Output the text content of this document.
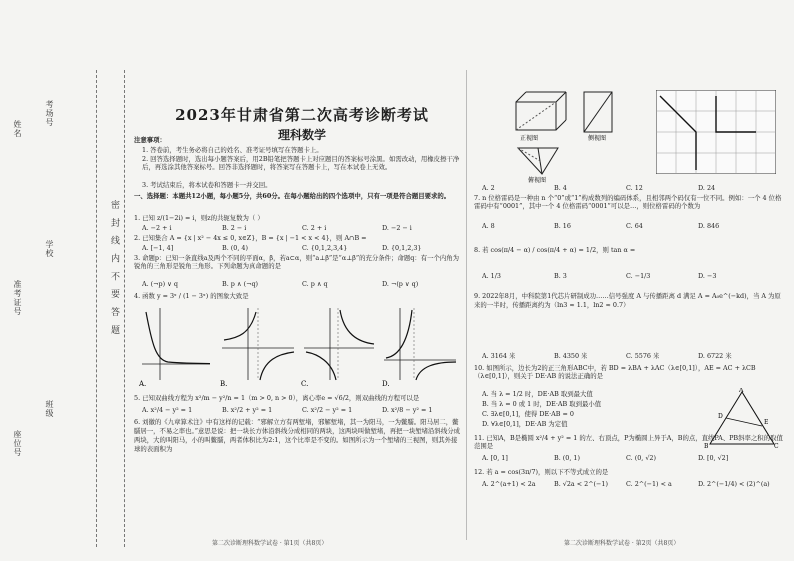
姓名
准考证号
座位号
考场号
学校
班级
密 封 线 内 不 要 答 题
2023年甘肃省第二次高考诊断考试
理科数学
注意事项：
1. 答卷前，考生务必将自己的姓名、准考证号填写在答题卡上。
2. 回答选择题时，选出每小题答案后，用2B铅笔把答题卡上对应题目的答案标号涂黑。如需改动，用橡皮擦干净后，再选涂其他答案标号。回答非选择题时，将答案写在答题卡上，写在本试卷上无效。
3. 考试结束后，将本试卷和答题卡一并交回。
一、选择题：本题共12小题，每小题5分，共60分。在每小题给出的四个选项中，只有一项是符合题目要求的。
1. 已知 z/(1−2i) = i，则z的共轭复数为（ ）
A. −2 + i	B. 2 − i	C. 2 + i	D. −2 − i
2. 已知集合 A = {x | x² − 4x ≤ 0, x∈Z}，B = {x | −1 < x < 4}，则 A∩B =
A. [−1, 4]	B. (0, 4)	C. {0,1,2,3,4}	D. {0,1,2,3}
3. 命题p：已知一条直线a及两个不同的平面α，β，若a⊂α，则“a⊥β”是“α⊥β”的充分条件；命题q：有一个内角为锐角的三角形是锐角三角形。下列命题为真命题的是
A. (¬p) ∨ q	B. p ∧ (¬q)	C. p ∧ q	D. ¬(p ∨ q)
4. 函数 y = 3ˣ / (1 − 3ˣ) 的图象大致是
A.	B.	C.	D.
5. 已知双曲线方程为 x²/m − y²/n = 1（m > 0, n > 0），离心率e = √6/2，则双曲线的方程可以是
A. x²/4 − y² = 1	B. x²/2 + y² = 1	C. x²/2 − y² = 1	D. x²/8 − y² = 1
6. 刘徽的《九章算术注》中有这样的记载：“邪解立方有两堑堵，邪解堑堵，其一为阳马，一为鳖臑。阳马居二，鳖臑居一，不易之率也。”意思是说：把一块长方体沿斜线分成相同的两块，这两块叫做堑堵，再把一块堑堵沿斜线分成两块，大的叫阳马，小的叫鳖臑，两者体积比为2:1，这个比率是不变的。如图所示为一个堑堵的三视图，则其外接球的表面积为
第二次诊断理科数学试卷 · 第1页（共8页）
正视图	侧视图
俯视图
A. 2	B. 4	C. 12	D. 24
7. n 位格雷码是一种由 n 个“0”或“1”构成数列的编码体系，且相邻两个码仅有一位不同。例如：一个 4 位格雷码中有“0001”，其中一个 4 位格雷码“0001”可以是…，则位格雷码的个数为
A. 8	B. 16	C. 64	D. 846
8. 若 cos(π/4 − α) / cos(π/4 + α) = 1/2，则 tan α =
A. 1/3	B. 3	C. −1/3	D. −3
9. 2022年8月，中科院第1代芯片研制成功……信号强度 A 与传播距离 d 满足 A = A₀e^(−kd)，当 A 为原来的一半时，传播距离约为（ln3 ≈ 1.1，ln2 ≈ 0.7）
A. 3164 米	B. 4350 米	C. 5576 米	D. 6722 米
10. 如图所示，边长为2的正三角形ABC中，若 BD = λBA + λAC（λ∈[0,1]），AE = AC + λCB（λ∈[0,1]），则关于 DE·AB 的说法正确的是
A. 当 λ = 1/2 时，DE·AB 取到最大值
B. 当 λ = 0 或 1 时，DE·AB 取到最小值
C. ∃λ∈[0,1]，使得 DE·AB = 0
D. ∀λ∈[0,1]，DE·AB 为定值
A
B	C
D
E
11. 已知A，B是椭圆 x²/4 + y² = 1 的左、右顶点，P为椭圆上异于A，B的点，直线PA、PB斜率之积的取值范围是
A. [0, 1]	B. (0, 1)	C. (0, √2)	D. [0, √2]
12. 若 a = cos(3π/7)，则以下不等式成立的是
A. 2^(a+1) < 2a	B. √2a < 2^(−1)	C. 2^(−1) < a	D. 2^(−1/4) < (2)^(a)
第二次诊断理科数学试卷 · 第2页（共8页）
